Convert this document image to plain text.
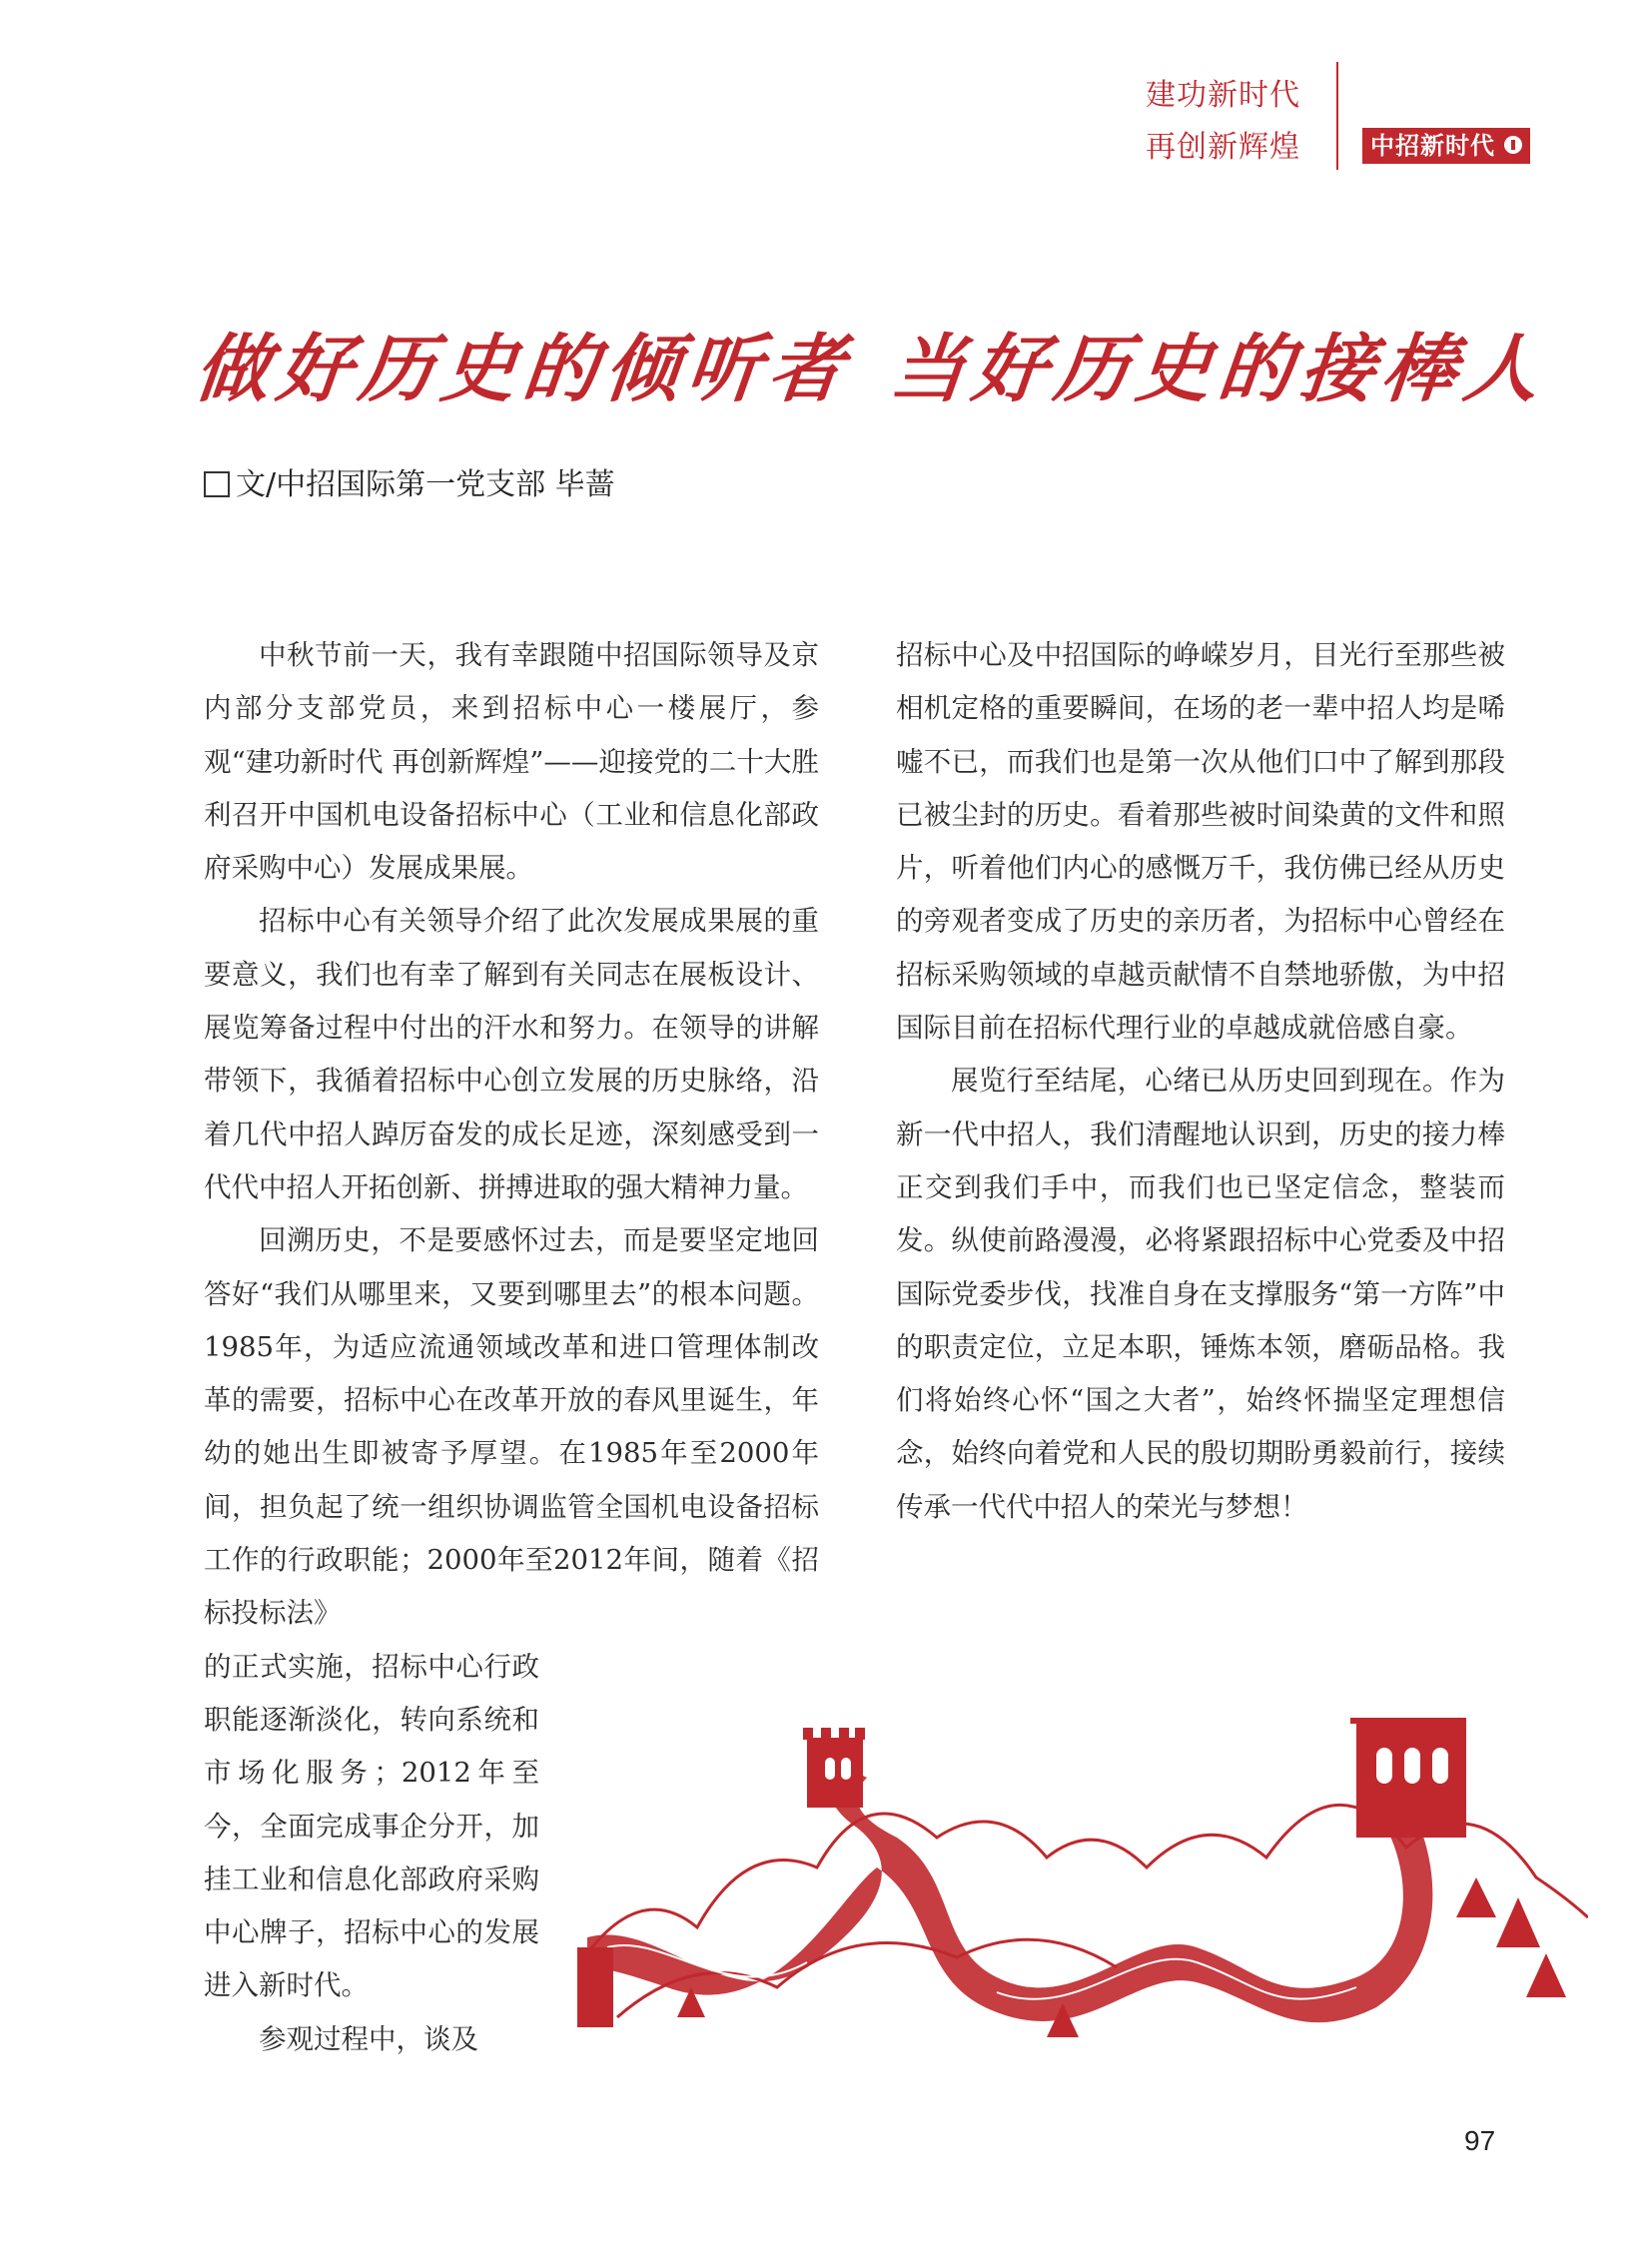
建功新时代
再创新辉煌	中招新时代
做好历史的倾听者 当好历史的接棒人
文/中招国际第一党支部 毕蔷

中秋节前一天，我有幸跟随中招国际领导及京内部分支部党员，来到招标中心一楼展厅，参观“建功新时代 再创新辉煌”——迎接党的二十大胜利召开中国机电设备招标中心（工业和信息化部政府采购中心）发展成果展。

招标中心有关领导介绍了此次发展成果展的重要意义，我们也有幸了解到有关同志在展板设计、展览筹备过程中付出的汗水和努力。在领导的讲解带领下，我循着招标中心创立发展的历史脉络，沿着几代中招人踔厉奋发的成长足迹，深刻感受到一代代中招人开拓创新、拼搏进取的强大精神力量。

回溯历史，不是要感怀过去，而是要坚定地回答好“我们从哪里来，又要到哪里去”的根本问题。1985年，为适应流通领域改革和进口管理体制改革的需要，招标中心在改革开放的春风里诞生，年幼的她出生即被寄予厚望。在1985年至2000年间，担负起了统一组织协调监管全国机电设备招标工作的行政职能；2000年至2012年间，随着《招标投标法》

的正式实施，招标中心行政职能逐渐淡化，转向系统和市场化服务；2012年至今，全面完成事企分开，加挂工业和信息化部政府采购中心牌子，招标中心的发展进入新时代。

参观过程中，谈及

招标中心及中招国际的峥嵘岁月，目光行至那些被相机定格的重要瞬间，在场的老一辈中招人均是唏嘘不已，而我们也是第一次从他们口中了解到那段已被尘封的历史。看着那些被时间染黄的文件和照片，听着他们内心的感慨万千，我仿佛已经从历史的旁观者变成了历史的亲历者，为招标中心曾经在招标采购领域的卓越贡献情不自禁地骄傲，为中招国际目前在招标代理行业的卓越成就倍感自豪。

展览行至结尾，心绪已从历史回到现在。作为新一代中招人，我们清醒地认识到，历史的接力棒正交到我们手中，而我们也已坚定信念，整装而发。纵使前路漫漫，必将紧跟招标中心党委及中招国际党委步伐，找准自身在支撑服务“第一方阵”中的职责定位，立足本职，锤炼本领，磨砺品格。我们将始终心怀“国之大者”，始终怀揣坚定理想信念，始终向着党和人民的殷切期盼勇毅前行，接续传承一代代中招人的荣光与梦想！

97
